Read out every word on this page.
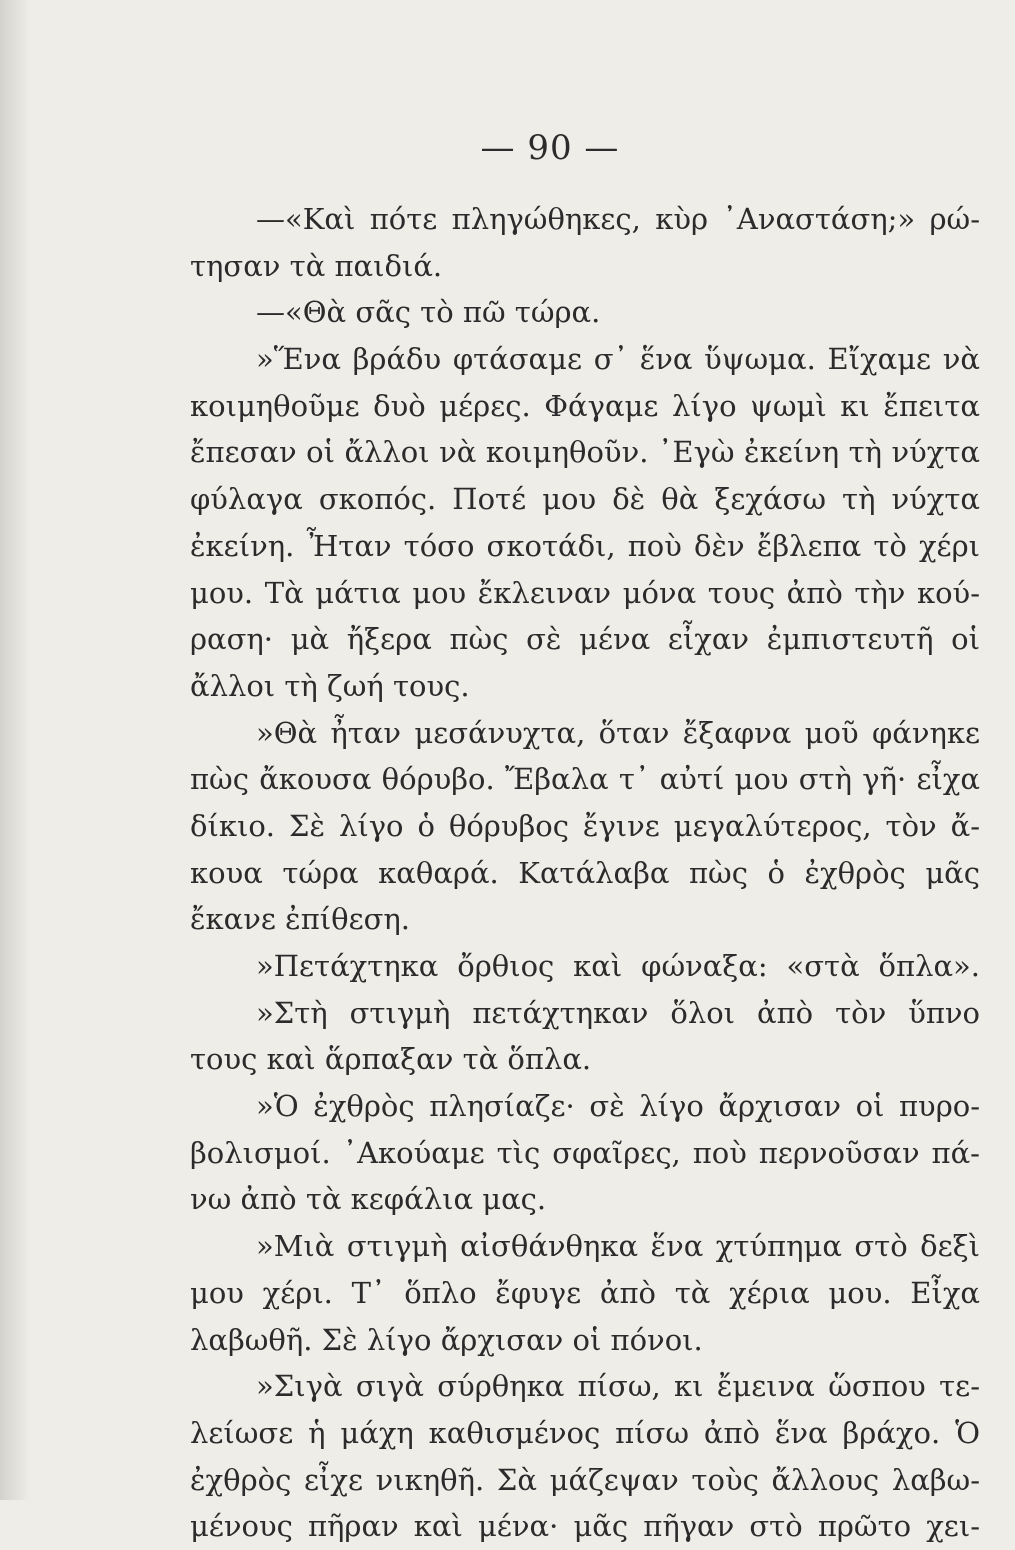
— 90 —
—«Καὶ πότε πληγώθηκες, κὺρ ᾿Αναστάση;» ρώ-
τησαν τὰ παιδιά.
—«Θὰ σᾶς τὸ πῶ τώρα.
»Ἕνα βράδυ φτάσαμε σ᾿ ἕνα ὕψωμα. Εἴχαμε νὰ
κοιμηθοῦμε δυὸ μέρες. Φάγαμε λίγο ψωμὶ κι ἔπειτα
ἔπεσαν οἱ ἄλλοι νὰ κοιμηθοῦν. ᾿Εγὼ ἐκείνη τὴ νύχτα
φύλαγα σκοπός. Ποτέ μου δὲ θὰ ξεχάσω τὴ νύχτα
ἐκείνη. Ἦταν τόσο σκοτάδι, ποὺ δὲν ἔβλεπα τὸ χέρι
μου. Τὰ μάτια μου ἔκλειναν μόνα τους ἀπὸ τὴν κού-
ραση· μὰ ἤξερα πὼς σὲ μένα εἶχαν ἐμπιστευτῆ οἱ
ἄλλοι τὴ ζωή τους.
»Θὰ ἦταν μεσάνυχτα, ὅταν ἔξαφνα μοῦ φάνηκε
πὼς ἄκουσα θόρυβο. Ἔβαλα τ᾿ αὐτί μου στὴ γῆ· εἶχα
δίκιο. Σὲ λίγο ὁ θόρυβος ἔγινε μεγαλύτερος, τὸν ἄ-
κουα τώρα καθαρά. Κατάλαβα πὼς ὁ ἐχθρὸς μᾶς
ἔκανε ἐπίθεση.
»Πετάχτηκα ὄρθιος καὶ φώναξα: «στὰ ὅπλα».
»Στὴ στιγμὴ πετάχτηκαν ὅλοι ἀπὸ τὸν ὕπνο
τους καὶ ἅρπαξαν τὰ ὅπλα.
»Ὁ ἐχθρὸς πλησίαζε· σὲ λίγο ἄρχισαν οἱ πυρο-
βολισμοί. ᾿Ακούαμε τὶς σφαῖρες, ποὺ περνοῦσαν πά-
νω ἀπὸ τὰ κεφάλια μας.
»Μιὰ στιγμὴ αἰσθάνθηκα ἕνα χτύπημα στὸ δεξὶ
μου χέρι. Τ᾿ ὅπλο ἔφυγε ἀπὸ τὰ χέρια μου. Εἶχα
λαβωθῆ. Σὲ λίγο ἄρχισαν οἱ πόνοι.
»Σιγὰ σιγὰ σύρθηκα πίσω, κι ἔμεινα ὥσπου τε-
λείωσε ἡ μάχη καθισμένος πίσω ἀπὸ ἕνα βράχο. Ὁ
ἐχθρὸς εἶχε νικηθῆ. Σὰ μάζεψαν τοὺς ἄλλους λαβω-
μένους πῆραν καὶ μένα· μᾶς πῆγαν στὸ πρῶτο χει-
